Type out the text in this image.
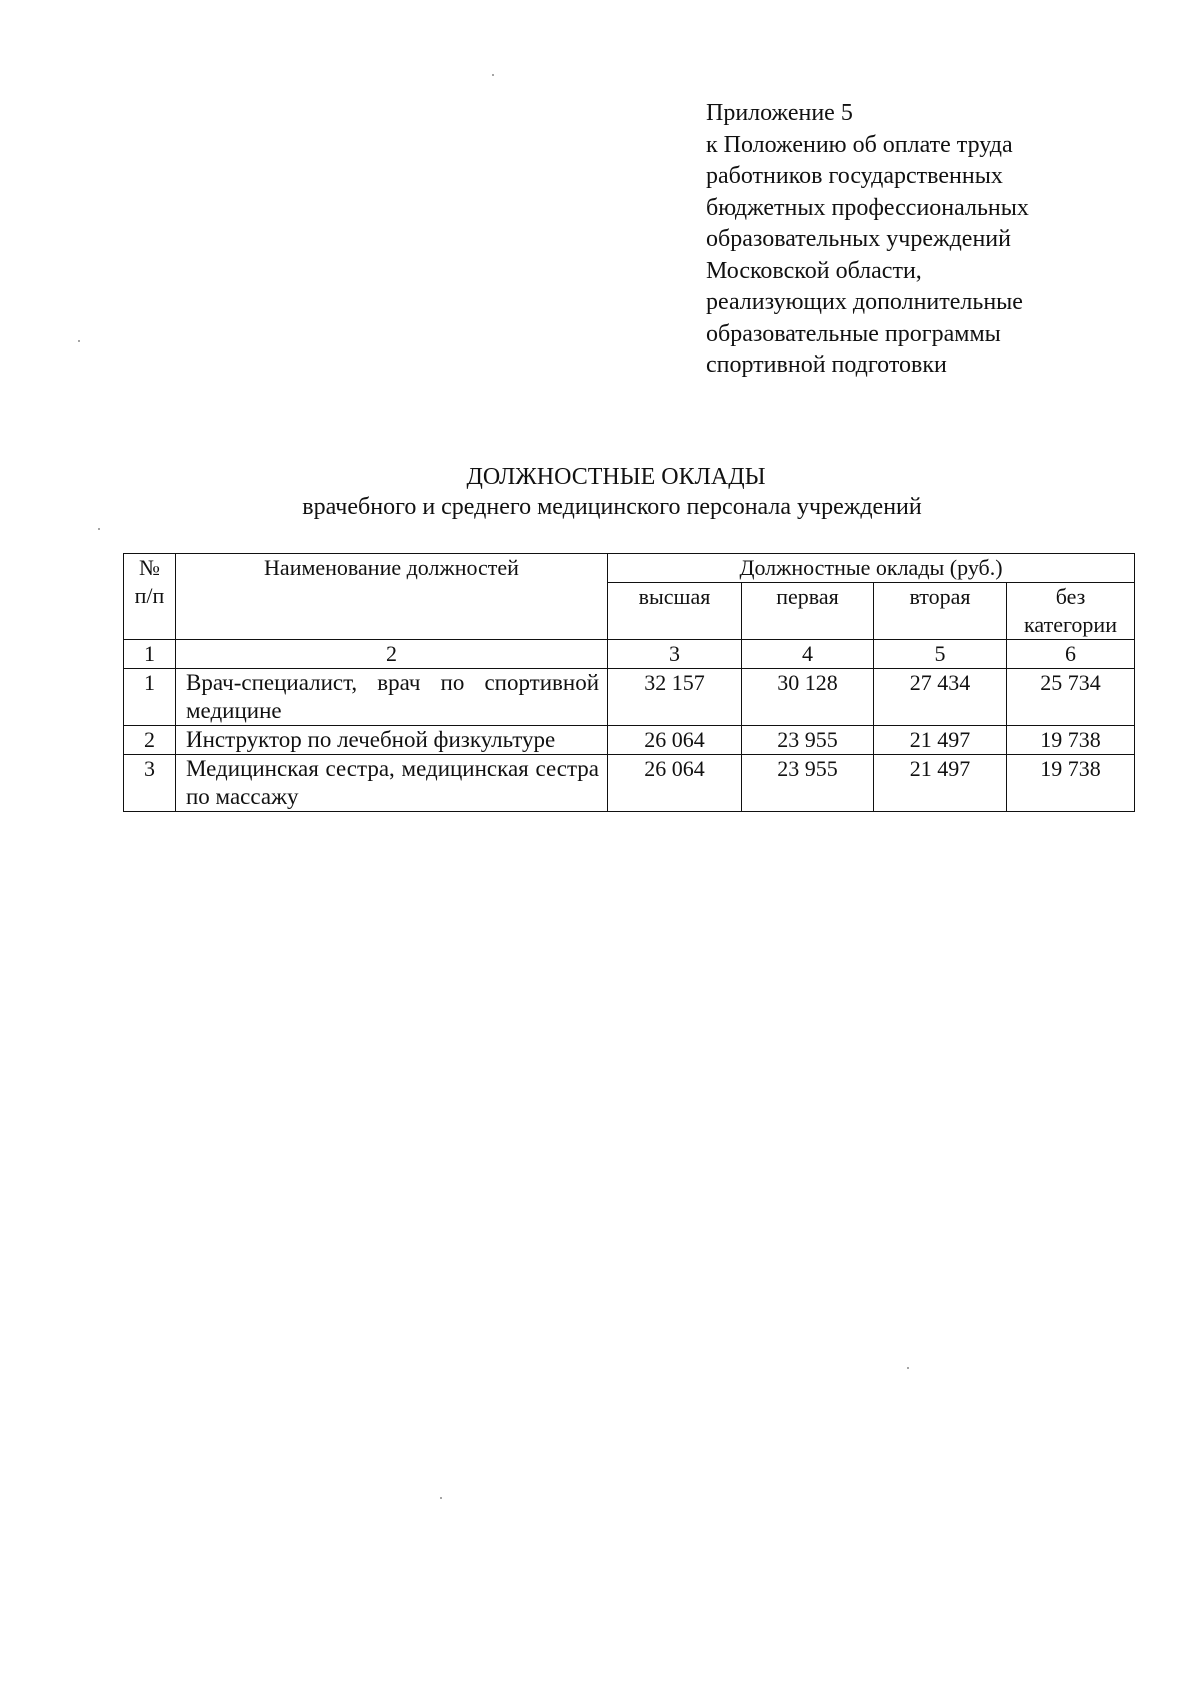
Приложение 5
к Положению об оплате труда
работников государственных
бюджетных профессиональных
образовательных учреждений
Московской области,
реализующих дополнительные
образовательные программы
спортивной подготовки
ДОЛЖНОСТНЫЕ ОКЛАДЫ
врачебного и среднего медицинского персонала учреждений
№ п/п	Наименование должностей	Должностные оклады (руб.)			
		высшая	первая	вторая	без категории
1	2	3	4	5	6
1	Врач-специалист, врач по спортивной медицине	32 157	30 128	27 434	25 734
2	Инструктор по лечебной физкультуре	26 064	23 955	21 497	19 738
3	Медицинская сестра, медицинская сестра по массажу	26 064	23 955	21 497	19 738
